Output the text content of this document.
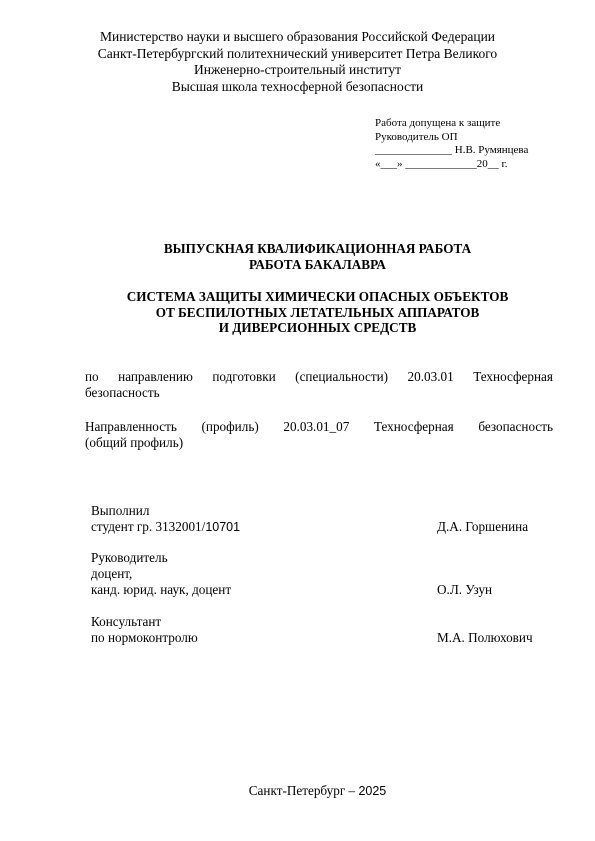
Министерство науки и высшего образования Российской Федерации
Санкт-Петербургский политехнический университет Петра Великого
Инженерно-строительный институт
Высшая школа техносферной безопасности
Работа допущена к защите
Руководитель ОП
______________ Н.В. Румянцева
«___» _____________20__ г.
ВЫПУСКНАЯ КВАЛИФИКАЦИОННАЯ РАБОТА
РАБОТА БАКАЛАВРА
СИСТЕМА ЗАЩИТЫ ХИМИЧЕСКИ ОПАСНЫХ ОБЪЕКТОВ
ОТ БЕСПИЛОТНЫХ ЛЕТАТЕЛЬНЫХ АППАРАТОВ
И ДИВЕРСИОННЫХ СРЕДСТВ
по направлению подготовки (специальности) 20.03.01 Техносферная
безопасность
Направленность (профиль) 20.03.01_07 Техносферная безопасность
(общий профиль)
Выполнил
студент гр. 3132001/10701	Д.А. Горшенина
Руководитель
доцент,
канд. юрид. наук, доцент	О.Л. Узун
Консультант
по нормоконтролю	М.А. Полюхович
Санкт-Петербург – 2025
